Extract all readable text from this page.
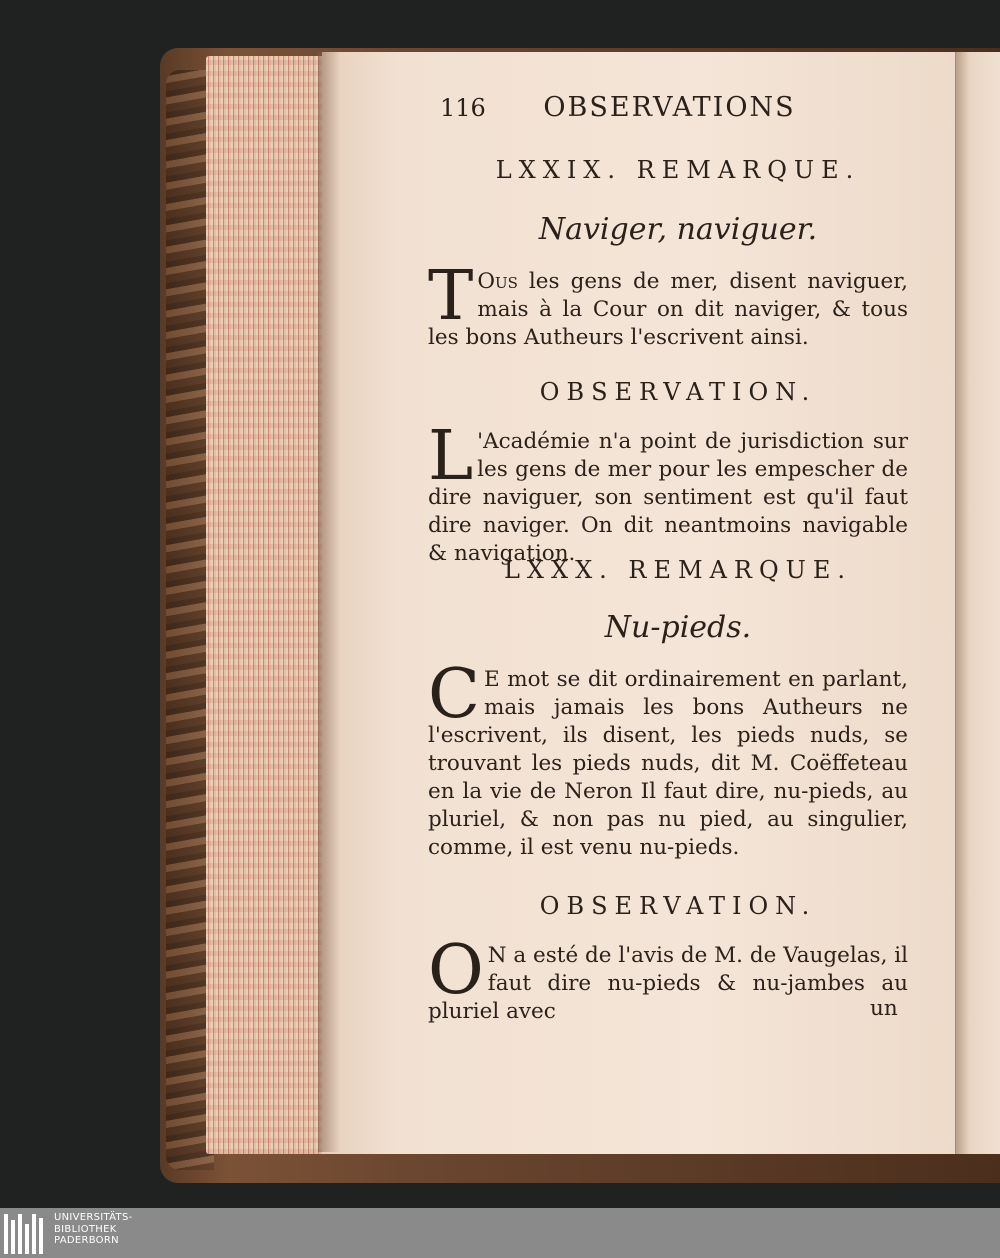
116 OBSERVATIONS
LXXIX. REMARQUE.
Naviger, naviguer.

T Ous les gens de mer, disent naviguer, mais à la Cour on dit naviger, & tous les bons Autheurs l'escrivent ainsi.

OBSERVATION.

L 'Académie n'a point de jurisdiction sur les gens de mer pour les empescher de dire naviguer, son sentiment est qu'il faut dire naviger. On dit neantmoins navigable & navigation.

LXXX. REMARQUE.
Nu-pieds.

C E mot se dit ordinairement en parlant, mais jamais les bons Autheurs ne l'escrivent, ils disent, les pieds nuds, se trouvant les pieds nuds, dit M. Coëffeteau en la vie de Neron Il faut dire, nu-pieds, au pluriel, & non pas nu pied, au singulier, comme, il est venu nu-pieds.

OBSERVATION.

O N a esté de l'avis de M. de Vaugelas, il faut dire nu-pieds & nu-jambes au pluriel avec	un
UNIVERSITÄTS-
BIBLIOTHEK
PADERBORN
